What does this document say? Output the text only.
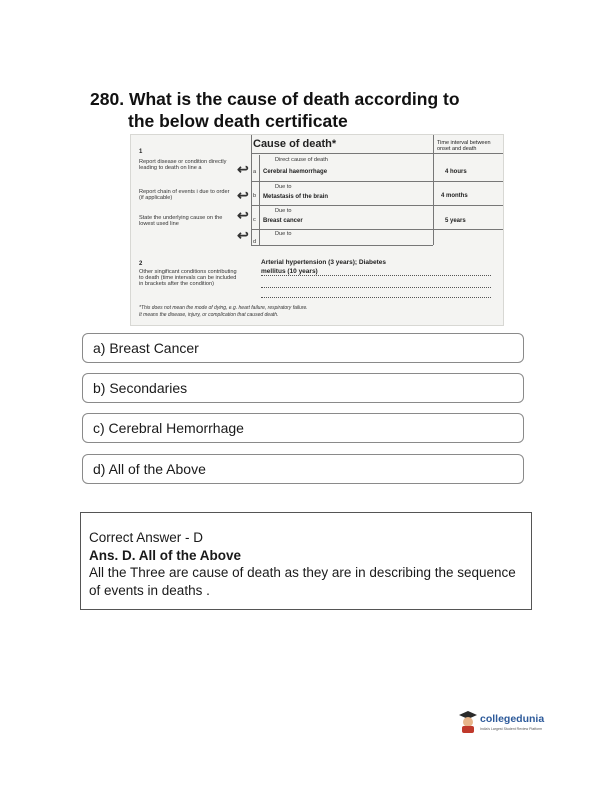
280. What is the cause of death according to
the below death certificate
Cause of death*	Time interval between onset and death
1
Report disease or condition directly leading to death on line a
Report chain of events i due to order (if applicable)
State the underlying cause on the lowest used line
↩
↩
↩
↩
Direct cause of death
a Cerebral haemorrhage	4 hours
Due to
b Metastasis of the brain	4 months
Due to
c Breast cancer	5 years
Due to
d
2
Other singificant conditions contributing to death (time intervals can be included in brackets after the condition)
Arterial hypertension (3 years); Diabetes
mellitus (10 years)
*This does not mean the mode of dying, e.g. heart failure, respiratory failure.
It means the disease, injury, or complication that caused death.
a) Breast Cancer
b) Secondaries
c) Cerebral Hemorrhage
d) All of the Above
Correct Answer - D
Ans. D. All of the Above
All the Three are cause of death as they are in describing the sequence of events in deaths .
collegedunia
India's Largest Student Review Platform
